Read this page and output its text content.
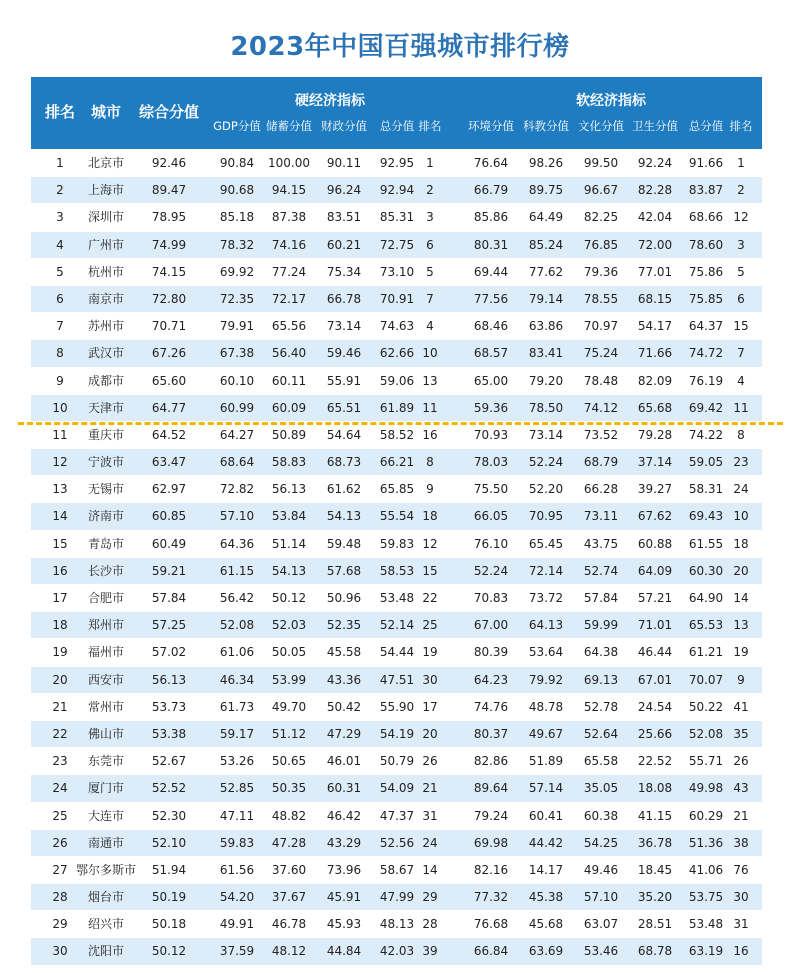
2023年中国百强城市排行榜
排名 城市 综合分值
硬经济指标	软经济指标
GDP分值 储蓄分值 财政分值 总分值 排名 环境分值 科教分值 文化分值 卫生分值 总分值 排名
1 北京市 92.46	90.84 100.00 90.11 92.95 1	76.64 98.26 99.50 92.24 91.66 1
2 上海市 89.47	90.68 94.15 96.24 92.94 2	66.79 89.75 96.67 82.28 83.87 2
3 深圳市 78.95	85.18 87.38 83.51 85.31 3	85.86 64.49 82.25 42.04 68.66 12
4 广州市 74.99	78.32 74.16 60.21 72.75 6	80.31 85.24 76.85 72.00 78.60 3
5 杭州市 74.15	69.92 77.24 75.34 73.10 5	69.44 77.62 79.36 77.01 75.86 5
6 南京市 72.80	72.35 72.17 66.78 70.91 7	77.56 79.14 78.55 68.15 75.85 6
7 苏州市 70.71	79.91 65.56 73.14 74.63 4	68.46 63.86 70.97 54.17 64.37 15
8 武汉市 67.26	67.38 56.40 59.46 62.66 10	68.57 83.41 75.24 71.66 74.72 7
9 成都市 65.60	60.10 60.11 55.91 59.06 13	65.00 79.20 78.48 82.09 76.19 4
10 天津市 64.77	60.99 60.09 65.51 61.89 11	59.36 78.50 74.12 65.68 69.42 11
11 重庆市 64.52	64.27 50.89 54.64 58.52 16	70.93 73.14 73.52 79.28 74.22 8
12 宁波市 63.47	68.64 58.83 68.73 66.21 8	78.03 52.24 68.79 37.14 59.05 23
13 无锡市 62.97	72.82 56.13 61.62 65.85 9	75.50 52.20 66.28 39.27 58.31 24
14 济南市 60.85	57.10 53.84 54.13 55.54 18	66.05 70.95 73.11 67.62 69.43 10
15 青岛市 60.49	64.36 51.14 59.48 59.83 12	76.10 65.45 43.75 60.88 61.55 18
16 长沙市 59.21	61.15 54.13 57.68 58.53 15	52.24 72.14 52.74 64.09 60.30 20
17 合肥市 57.84	56.42 50.12 50.96 53.48 22	70.83 73.72 57.84 57.21 64.90 14
18 郑州市 57.25	52.08 52.03 52.35 52.14 25	67.00 64.13 59.99 71.01 65.53 13
19 福州市 57.02	61.06 50.05 45.58 54.44 19	80.39 53.64 64.38 46.44 61.21 19
20 西安市 56.13	46.34 53.99 43.36 47.51 30	64.23 79.92 69.13 67.01 70.07 9
21 常州市 53.73	61.73 49.70 50.42 55.90 17	74.76 48.78 52.78 24.54 50.22 41
22 佛山市 53.38	59.17 51.12 47.29 54.19 20	80.37 49.67 52.64 25.66 52.08 35
23 东莞市 52.67	53.26 50.65 46.01 50.79 26	82.86 51.89 65.58 22.52 55.71 26
24 厦门市 52.52	52.85 50.35 60.31 54.09 21	89.64 57.14 35.05 18.08 49.98 43
25 大连市 52.30	47.11 48.82 46.42 47.37 31	79.24 60.41 60.38 41.15 60.29 21
26 南通市 52.10	59.83 47.28 43.29 52.56 24	69.98 44.42 54.25 36.78 51.36 38
27 鄂尔多斯市 51.94	61.56 37.60 73.96 58.67 14	82.16 14.17 49.46 18.45 41.06 76
28 烟台市 50.19	54.20 37.67 45.91 47.99 29	77.32 45.38 57.10 35.20 53.75 30
29 绍兴市 50.18	49.91 46.78 45.93 48.13 28	76.68 45.68 63.07 28.51 53.48 31
30 沈阳市 50.12	37.59 48.12 44.84 42.03 39	66.84 63.69 53.46 68.78 63.19 16
